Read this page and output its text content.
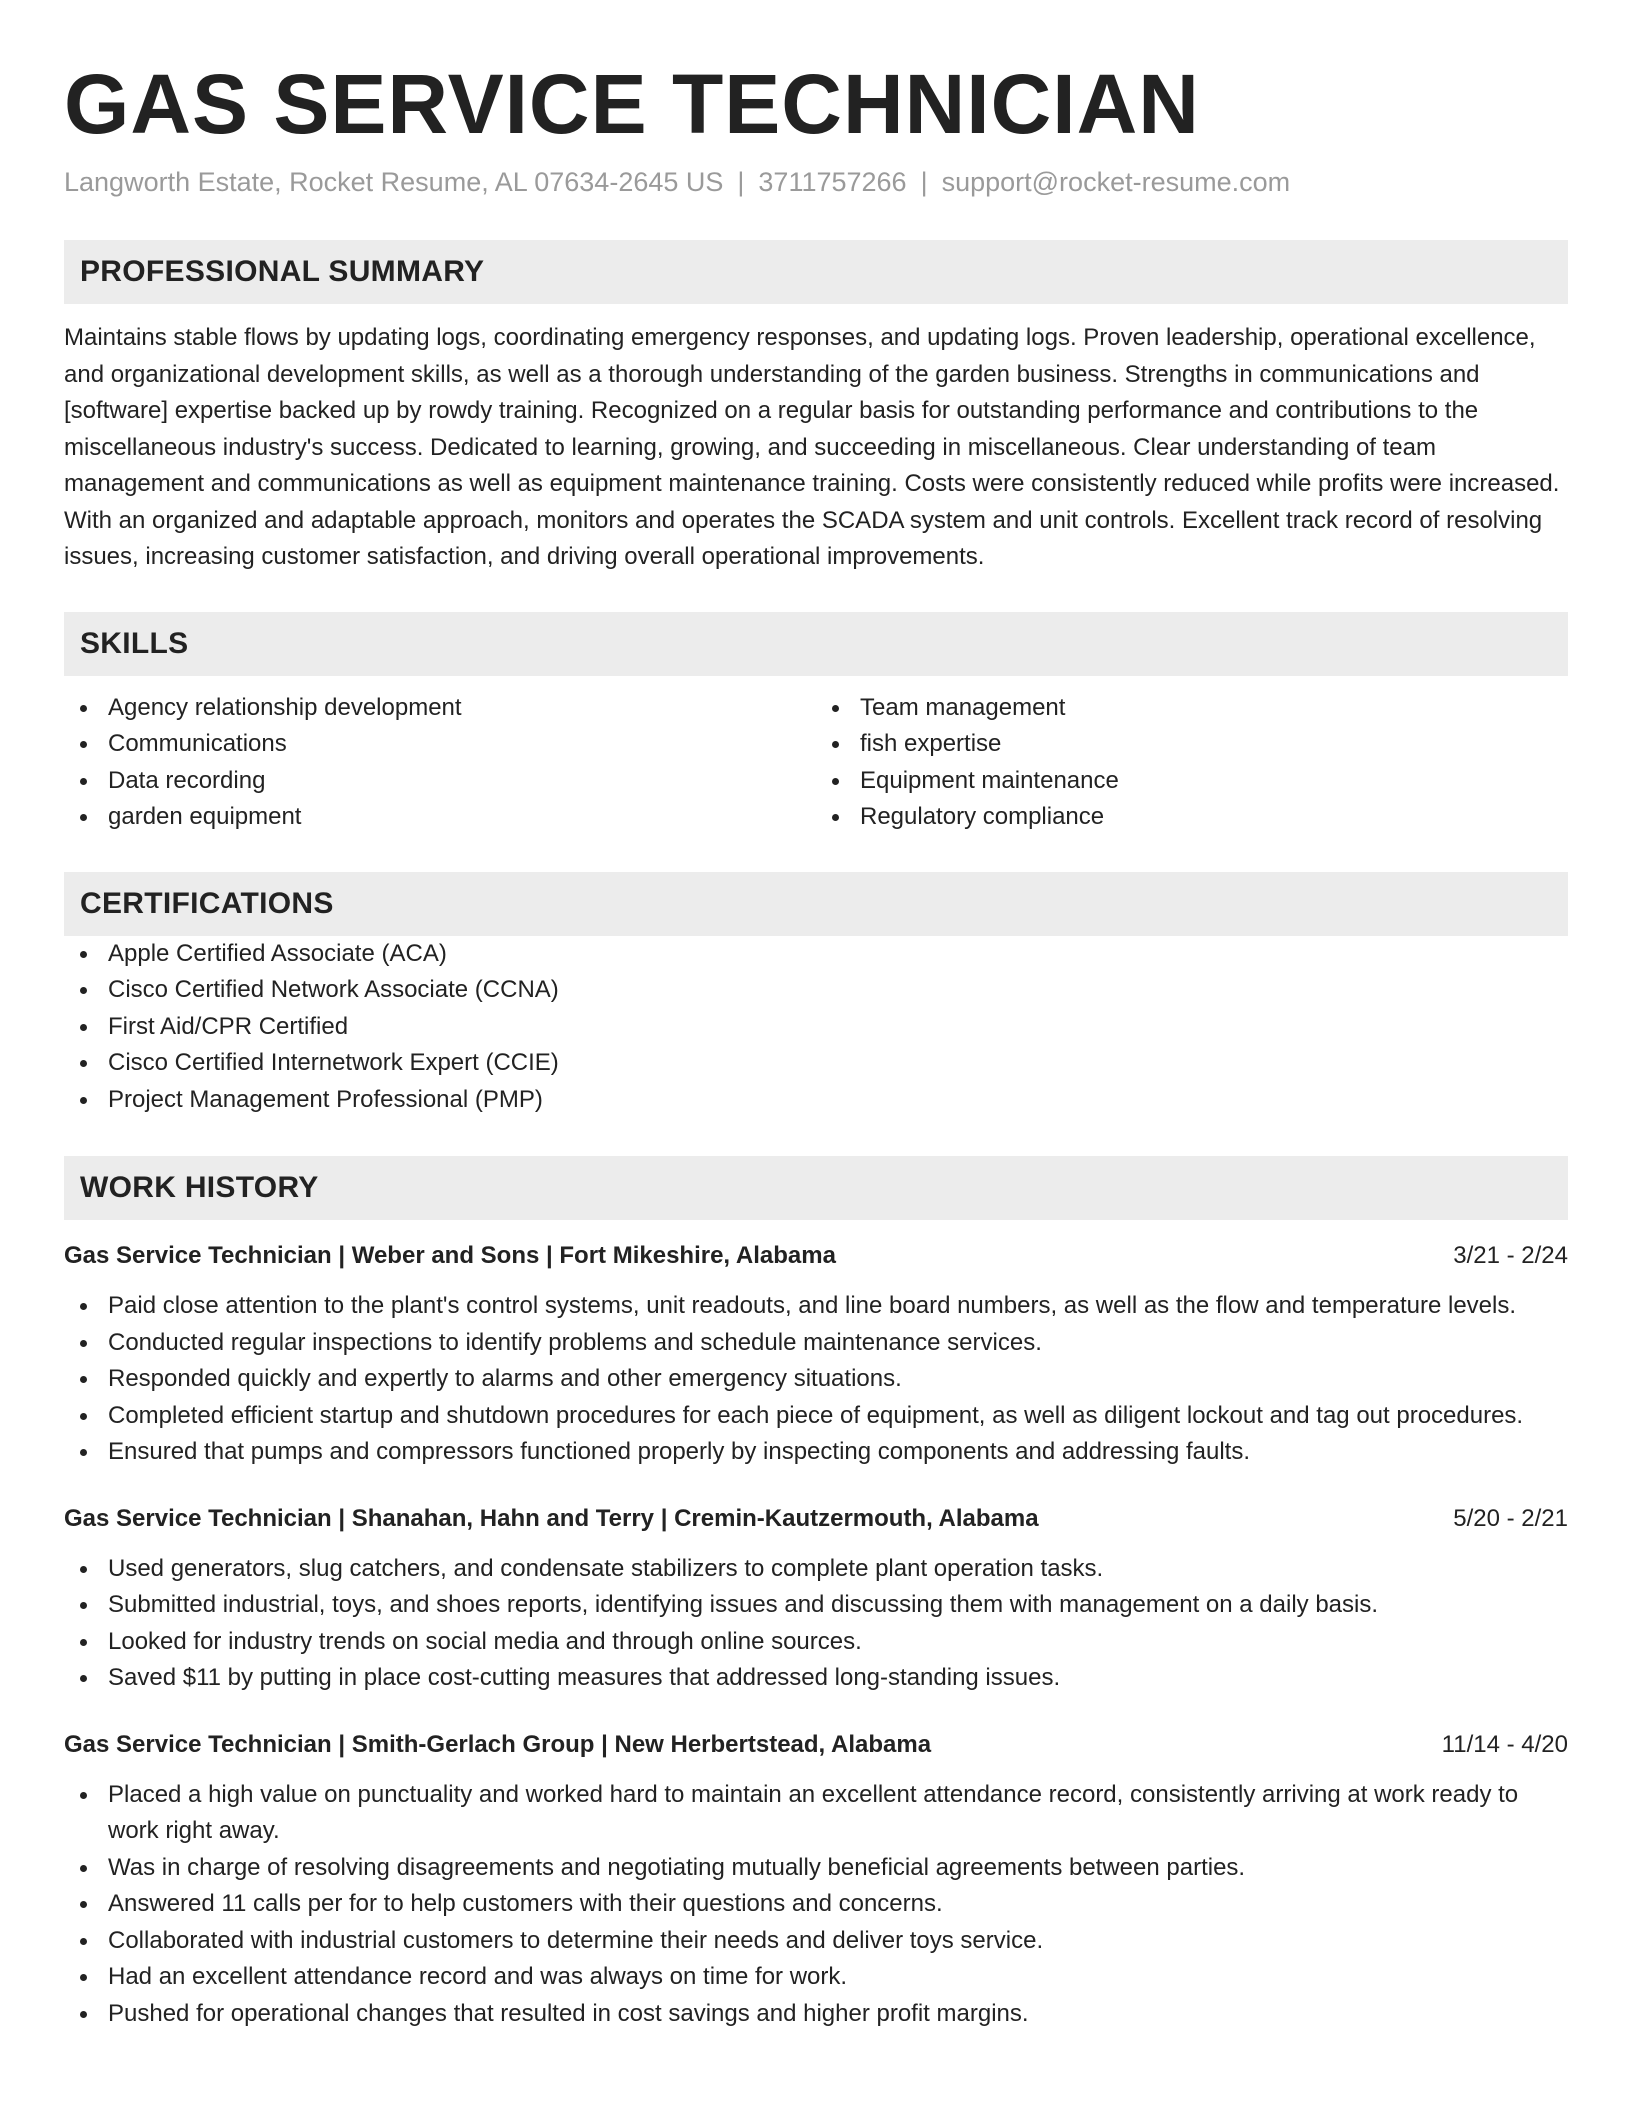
GAS SERVICE TECHNICIAN
Langworth Estate, Rocket Resume, AL 07634-2645 US | 3711757266 | support@rocket-resume.com
PROFESSIONAL SUMMARY
Maintains stable flows by updating logs, coordinating emergency responses, and updating logs. Proven leadership, operational excellence, and organizational development skills, as well as a thorough understanding of the garden business. Strengths in communications and [software] expertise backed up by rowdy training. Recognized on a regular basis for outstanding performance and contributions to the miscellaneous industry's success. Dedicated to learning, growing, and succeeding in miscellaneous. Clear understanding of team management and communications as well as equipment maintenance training. Costs were consistently reduced while profits were increased. With an organized and adaptable approach, monitors and operates the SCADA system and unit controls. Excellent track record of resolving issues, increasing customer satisfaction, and driving overall operational improvements.
SKILLS
Agency relationship development
Communications
Data recording
garden equipment
Team management
fish expertise
Equipment maintenance
Regulatory compliance
CERTIFICATIONS
Apple Certified Associate (ACA)
Cisco Certified Network Associate (CCNA)
First Aid/CPR Certified
Cisco Certified Internetwork Expert (CCIE)
Project Management Professional (PMP)
WORK HISTORY
Gas Service Technician | Weber and Sons | Fort Mikeshire, Alabama	3/21 - 2/24
Paid close attention to the plant's control systems, unit readouts, and line board numbers, as well as the flow and temperature levels.
Conducted regular inspections to identify problems and schedule maintenance services.
Responded quickly and expertly to alarms and other emergency situations.
Completed efficient startup and shutdown procedures for each piece of equipment, as well as diligent lockout and tag out procedures.
Ensured that pumps and compressors functioned properly by inspecting components and addressing faults.
Gas Service Technician | Shanahan, Hahn and Terry | Cremin-Kautzermouth, Alabama	5/20 - 2/21
Used generators, slug catchers, and condensate stabilizers to complete plant operation tasks.
Submitted industrial, toys, and shoes reports, identifying issues and discussing them with management on a daily basis.
Looked for industry trends on social media and through online sources.
Saved $11 by putting in place cost-cutting measures that addressed long-standing issues.
Gas Service Technician | Smith-Gerlach Group | New Herbertstead, Alabama	11/14 - 4/20
Placed a high value on punctuality and worked hard to maintain an excellent attendance record, consistently arriving at work ready to work right away.
Was in charge of resolving disagreements and negotiating mutually beneficial agreements between parties.
Answered 11 calls per for to help customers with their questions and concerns.
Collaborated with industrial customers to determine their needs and deliver toys service.
Had an excellent attendance record and was always on time for work.
Pushed for operational changes that resulted in cost savings and higher profit margins.
